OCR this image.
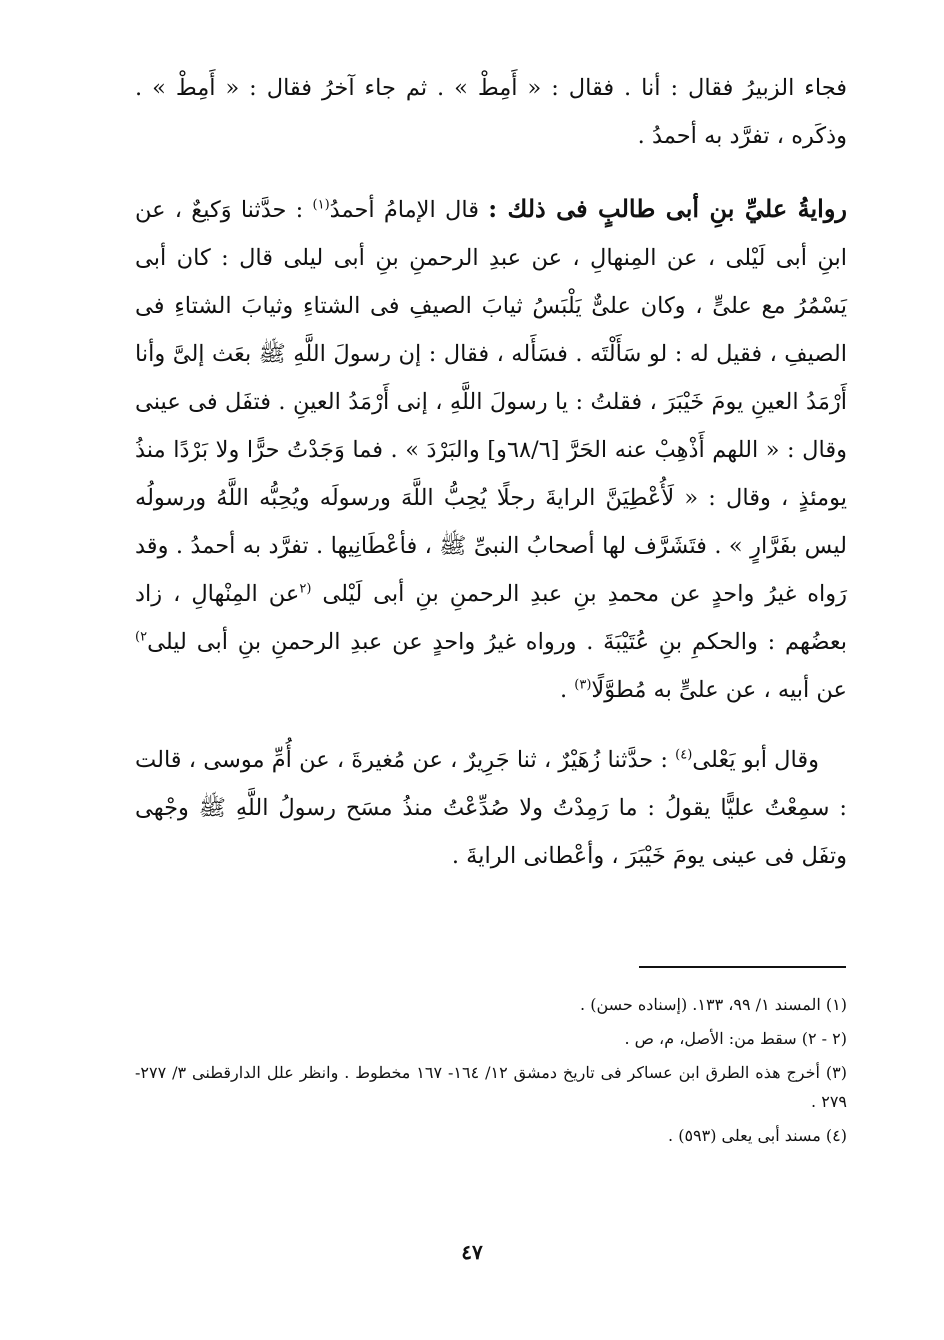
فجاء الزبيرُ فقال : أنا . فقال : « أَمِطْ » . ثم جاء آخرُ فقال : « أَمِطْ » . وذكَره ، تفرَّد به أحمدُ .

روايةُ عليِّ بنِ أبى طالبٍ فى ذلك : قال الإمامُ أحمدُ$^{(١)}$ : حدَّثنا وَكيعٌ ، عن ابنِ أبى لَيْلى ، عن المِنهالِ ، عن عبدِ الرحمنِ بنِ أبى ليلى قال : كان أبى يَسْمُرُ مع علىٍّ ، وكان علىٌّ يَلْبَسُ ثيابَ الصيفِ فى الشتاءِ وثيابَ الشتاءِ فى الصيفِ ، فقيل له : لو سَأَلْتَه . فسَأَله ، فقال : إن رسولَ اللَّهِ ﷺ بعَث إلىَّ وأنا أَرْمَدُ العينِ يومَ خَيْبَرَ ، فقلتُ : يا رسولَ اللَّهِ ، إنى أَرْمَدُ العينِ . فتفَل فى عينى وقال : « اللهم أَذْهِبْ عنه الحَرَّ [٦٨/٦و] والبَرْدَ » . فما وَجَدْتُ حرًّا ولا بَرْدًا منذُ يومئذٍ ، وقال : « لَأُعْطِيَنَّ الرايةَ رجلًا يُحِبُّ اللَّهَ ورسولَه ويُحِبُّه اللَّهُ ورسولُه ليس بفَرَّارٍ » . فتَشَرَّف لها أصحابُ النبىِّ ﷺ ، فأعْطَانِيها . تفرَّد به أحمدُ . وقد رَواه غيرُ واحدٍ عن محمدِ بنِ عبدِ الرحمنِ بنِ أبى لَيْلى $^{(٢}$عن المِنْهالِ ، زاد بعضُهم : والحكمِ بنِ عُتَيْبَةَ . ورواه غيرُ واحدٍ عن عبدِ الرحمنِ بنِ أبى ليلى$^{٢)}$ عن أبيه ، عن علىٍّ به مُطوَّلًا$^{(٣)}$ .

وقال أبو يَعْلى$^{(٤)}$ : حدَّثنا زُهَيْرٌ ، ثنا جَرِيرٌ ، عن مُغيرةَ ، عن أُمِّ موسى ، قالت : سمِعْتُ عليًّا يقولُ : ما رَمِدْتُ ولا صُدِّعْتُ منذُ مسَح رسولُ اللَّهِ ﷺ وجْهى وتفَل فى عينى يومَ خَيْبَرَ ، وأعْطانى الرايةَ .

(١) المسند ١/ ٩٩، ١٣٣. (إسناده حسن) .
(٢ - ٢) سقط من: الأصل، م، ص .
(٣) أخرج هذه الطرق ابن عساكر فى تاريخ دمشق ١٢/ ١٦٤- ١٦٧ مخطوط . وانظر علل الدارقطنى ٣/ ٢٧٧- ٢٧٩ .
(٤) مسند أبى يعلى (٥٩٣) .
٤٧
